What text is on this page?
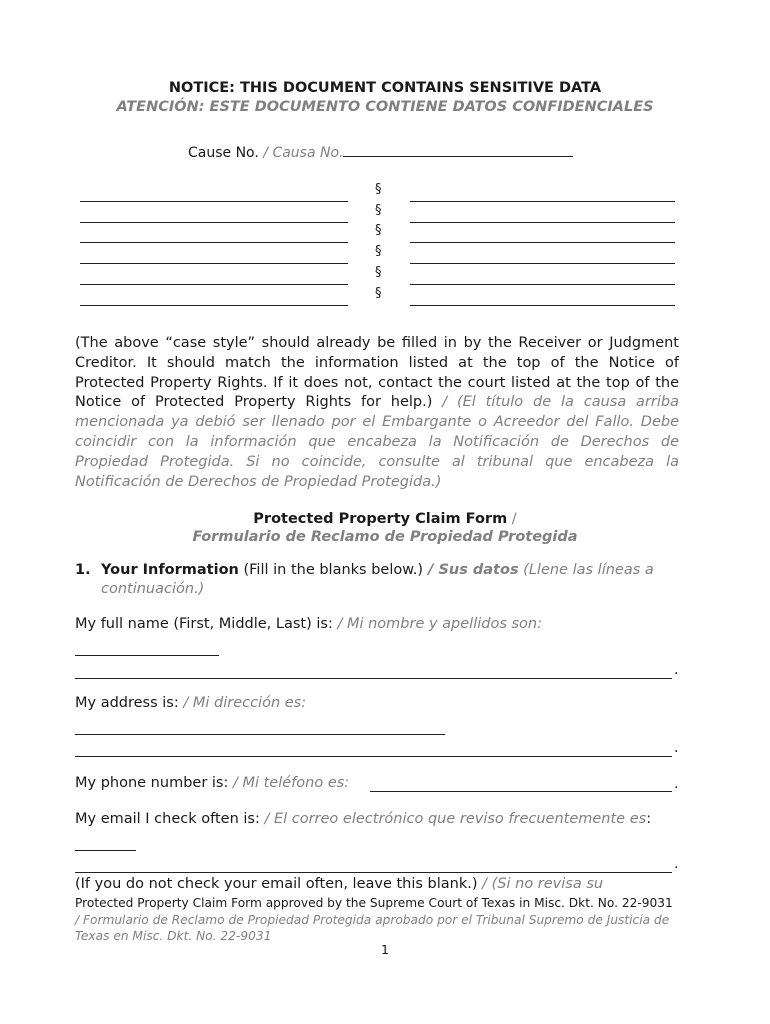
NOTICE: THIS DOCUMENT CONTAINS SENSITIVE DATA
ATENCIÓN: ESTE DOCUMENTO CONTIENE DATOS CONFIDENCIALES
Cause No. / Causa No.
§
§
§
§
§
§
(The above “case style” should already be filled in by the Receiver or Judgment Creditor. It should match the information listed at the top of the Notice of Protected Property Rights. If it does not, contact the court listed at the top of the Notice of Protected Property Rights for help.) / (El título de la causa arriba mencionada ya debió ser llenado por el Embargante o Acreedor del Fallo. Debe coincidir con la información que encabeza la Notificación de Derechos de Propiedad Protegida. Si no coincide, consulte al tribunal que encabeza la Notificación de Derechos de Propiedad Protegida.)
Protected Property Claim Form /
Formulario de Reclamo de Propiedad Protegida
1. Your Information (Fill in the blanks below.) / Sus datos (Llene las líneas a
continuación.)
My full name (First, Middle, Last) is: / Mi nombre y apellidos son:
.
My address is: / Mi dirección es:
.
My phone number is: / Mi teléfono es:	.
My email I check often is: / El correo electrónico que reviso frecuentemente es:
.
(If you do not check your email often, leave this blank.) / (Si no revisa su
Protected Property Claim Form approved by the Supreme Court of Texas in Misc. Dkt. No. 22-9031 / Formulario de Reclamo de Propiedad Protegida aprobado por el Tribunal Supremo de Justicia de Texas en Misc. Dkt. No. 22-9031
1
